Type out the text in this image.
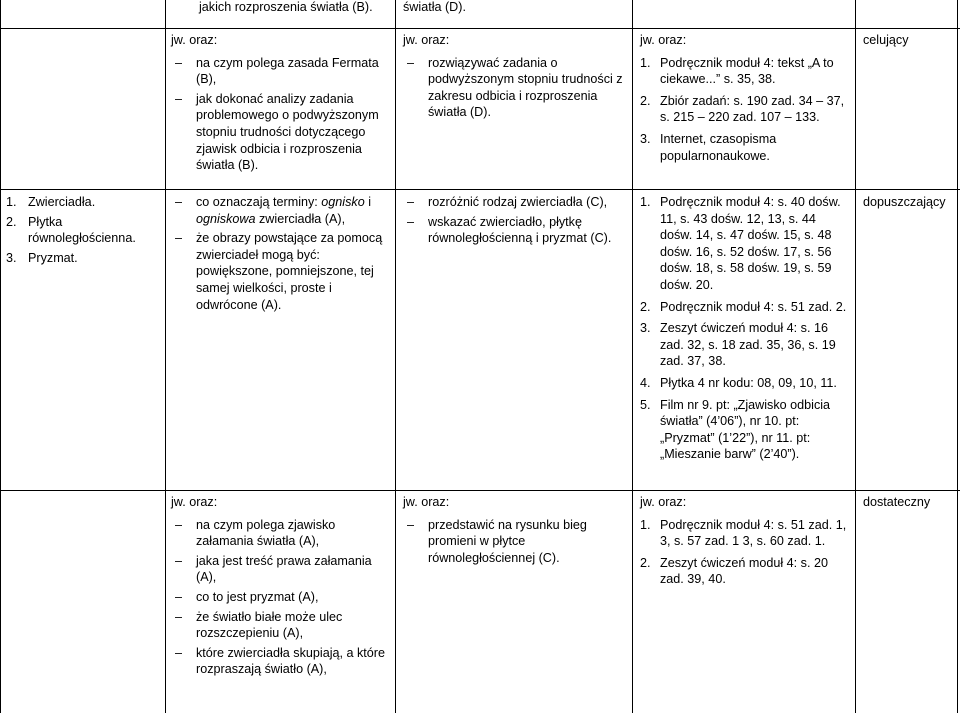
jakich rozproszenia światła (B).	światła (D).

jw. oraz:

– na czym polega zasada Fermata (B),
– jak dokonać analizy zadania problemowego o podwyższonym stopniu trudności dotyczącego zjawisk odbicia i rozproszenia światła (B).

jw. oraz:

– rozwiązywać zadania o podwyższonym stopniu trudności z zakresu odbicia i rozproszenia światła (D).

jw. oraz:

1. Podręcznik moduł 4: tekst „A to ciekawe...” s. 35, 38.
2. Zbiór zadań: s. 190 zad. 34 – 37, s. 215 – 220 zad. 107 – 133.
3. Internet, czasopisma popularnonaukowe.

celujący

1. Zwierciadła.
2. Płytka równoległościenna.
3. Pryzmat.
– co oznaczają terminy: ognisko i ogniskowa zwierciadła (A),
– że obrazy powstające za pomocą zwierciadeł mogą być: powiększone, pomniejszone, tej samej wielkości, proste i odwrócone (A).
– rozróżnić rodzaj zwierciadła (C),
– wskazać zwierciadło, płytkę równoległościenną i pryzmat (C).
1. Podręcznik moduł 4: s. 40 dośw. 11, s. 43 dośw. 12, 13, s. 44 dośw. 14, s. 47 dośw. 15, s. 48 dośw. 16, s. 52 dośw. 17, s. 56 dośw. 18, s. 58 dośw. 19, s. 59 dośw. 20.
2. Podręcznik moduł 4: s. 51 zad. 2.
3. Zeszyt ćwiczeń moduł 4: s. 16 zad. 32, s. 18 zad. 35, 36, s. 19 zad. 37, 38.
4. Płytka 4 nr kodu: 08, 09, 10, 11.
5. Film nr 9. pt: „Zjawisko odbicia światła” (4’06”), nr 10. pt: „Pryzmat” (1’22”), nr 11. pt: „Mieszanie barw” (2’40”).

dopuszczający

jw. oraz:

– na czym polega zjawisko załamania światła (A),
– jaka jest treść prawa załamania (A),
– co to jest pryzmat (A),
– że światło białe może ulec rozszczepieniu (A),
– które zwierciadła skupiają, a które rozpraszają światło (A),

jw. oraz:

– przedstawić na rysunku bieg promieni w płytce równoległościennej (C).

jw. oraz:

1. Podręcznik moduł 4: s. 51 zad. 1, 3, s. 57 zad. 1 3, s. 60 zad. 1.
2. Zeszyt ćwiczeń moduł 4: s. 20 zad. 39, 40.

dostateczny
